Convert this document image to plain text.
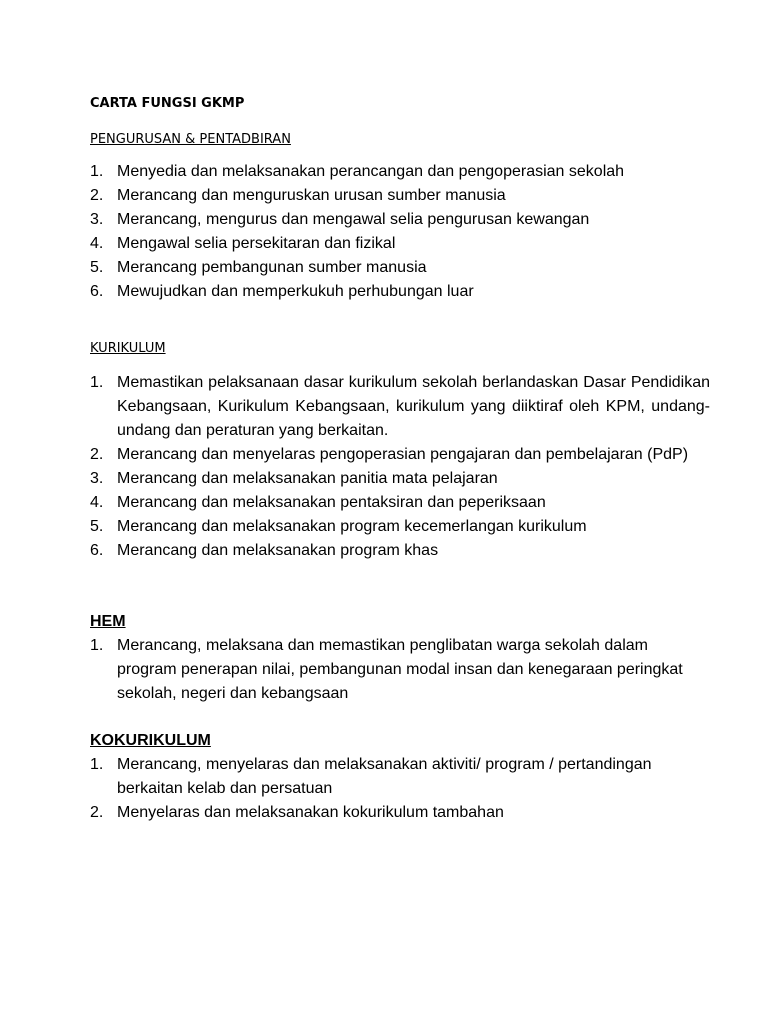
CARTA FUNGSI GKMP
PENGURUSAN & PENTADBIRAN
1. Menyedia dan melaksanakan perancangan dan pengoperasian sekolah
2. Merancang dan menguruskan urusan sumber manusia
3. Merancang, mengurus dan mengawal selia pengurusan kewangan
4. Mengawal selia persekitaran dan fizikal
5. Merancang pembangunan sumber manusia
6. Mewujudkan dan memperkukuh perhubungan luar
KURIKULUM
1. Memastikan pelaksanaan dasar kurikulum sekolah berlandaskan Dasar Pendidikan Kebangsaan, Kurikulum Kebangsaan, kurikulum yang diiktiraf oleh KPM, undang- undang dan peraturan yang berkaitan.
2. Merancang dan menyelaras pengoperasian pengajaran dan pembelajaran (PdP)
3. Merancang dan melaksanakan panitia mata pelajaran
4. Merancang dan melaksanakan pentaksiran dan peperiksaan
5. Merancang dan melaksanakan program kecemerlangan kurikulum
6. Merancang dan melaksanakan program khas
HEM
1. Merancang, melaksana dan memastikan penglibatan warga sekolah dalam program penerapan nilai, pembangunan modal insan dan kenegaraan peringkat sekolah, negeri dan kebangsaan
KOKURIKULUM
1. Merancang, menyelaras dan melaksanakan aktiviti/ program / pertandingan berkaitan kelab dan persatuan
2. Menyelaras dan melaksanakan kokurikulum tambahan
